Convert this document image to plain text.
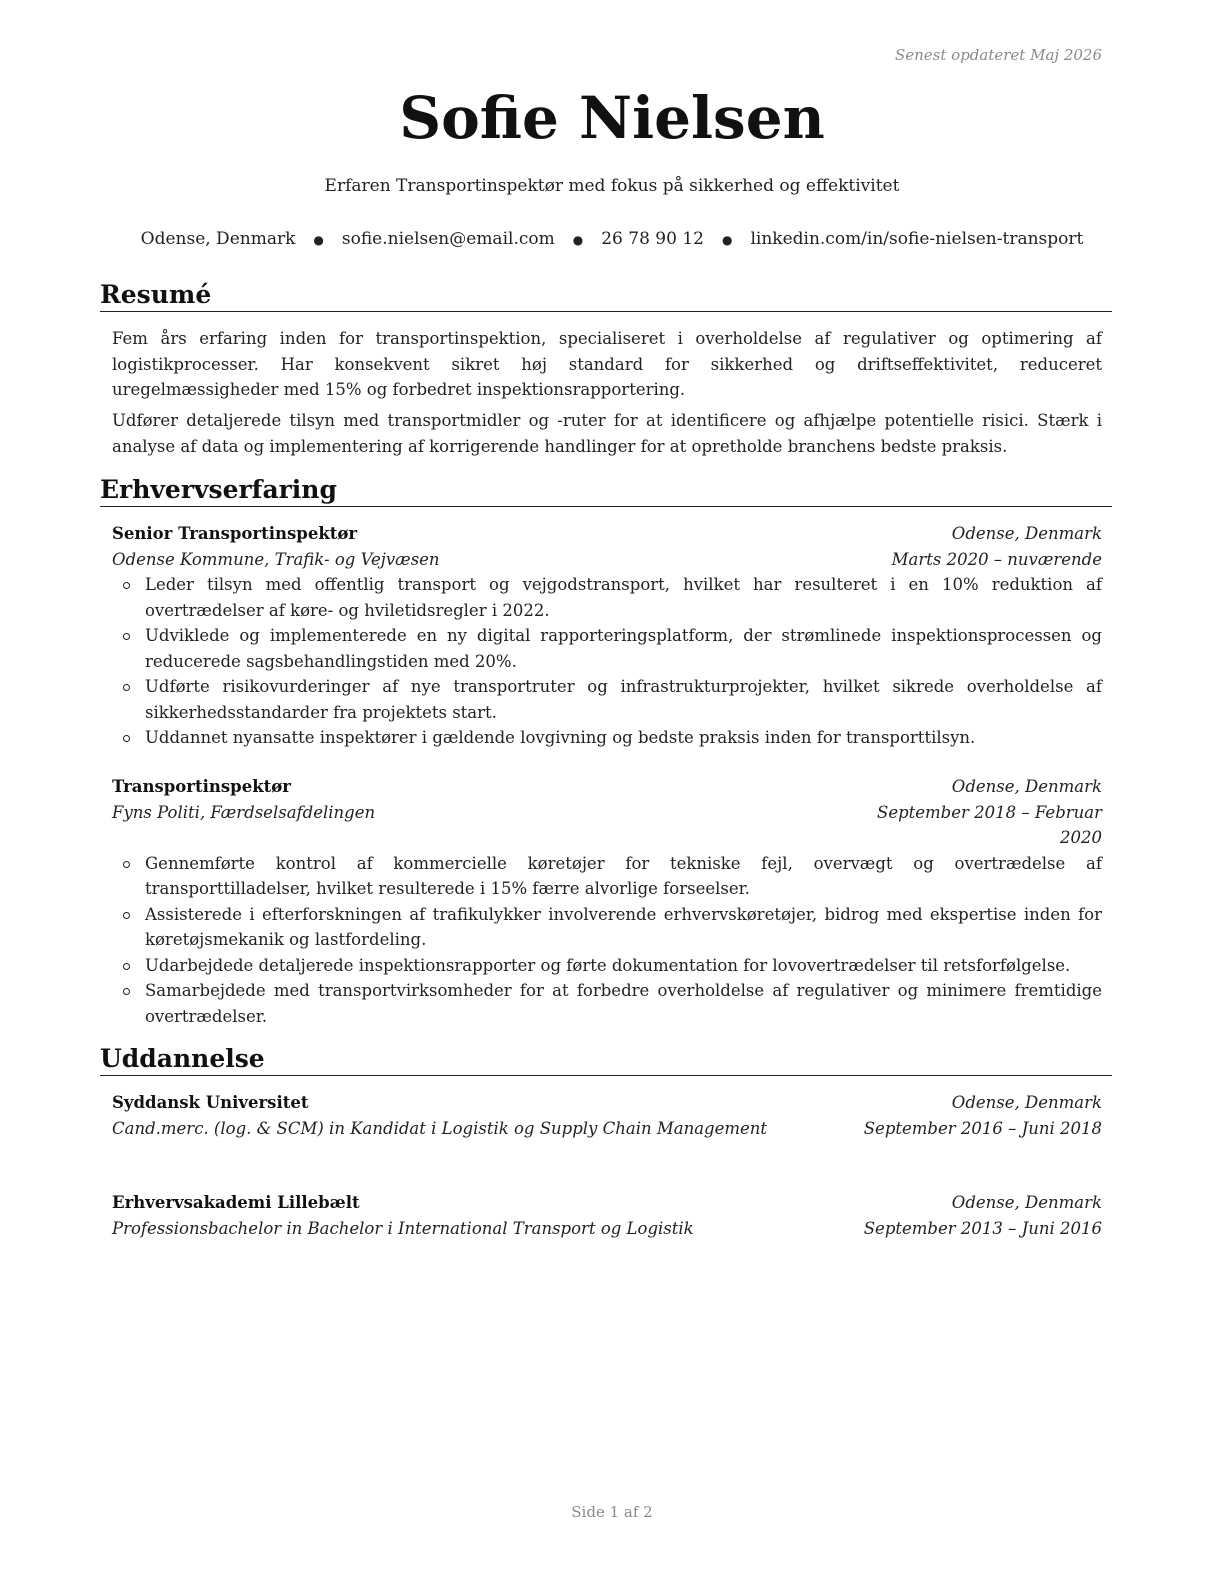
Senest opdateret Maj 2026
Sofie Nielsen
Erfaren Transportinspektør med fokus på sikkerhed og effektivitet
Odense, Denmark ● sofie.nielsen@email.com ● 26 78 90 12 ● linkedin.com/in/sofie-nielsen-transport
Resumé

Fem års erfaring inden for transportinspektion, specialiseret i overholdelse af regulativer og optimering af logistikprocesser. Har konsekvent sikret høj standard for sikkerhed og driftseffektivitet, reduceret uregelmæssigheder med 15% og forbedret inspektionsrapportering.

Udfører detaljerede tilsyn med transportmidler og -ruter for at identificere og afhjælpe potentielle risici. Stærk i analyse af data og implementering af korrigerende handlinger for at opretholde branchens bedste praksis.

Erhvervserfaring
Senior Transportinspektør	Odense, Denmark
Odense Kommune, Trafik- og Vejvæsen	Marts 2020 – nuværende
Leder tilsyn med offentlig transport og vejgodstransport, hvilket har resulteret i en 10% reduktion af overtrædelser af køre- og hviletidsregler i 2022.
Udviklede og implementerede en ny digital rapporteringsplatform, der strømlinede inspektionsprocessen og reducerede sagsbehandlingstiden med 20%.
Udførte risikovurderinger af nye transportruter og infrastrukturprojekter, hvilket sikrede overholdelse af sikkerhedsstandarder fra projektets start.
Uddannet nyansatte inspektører i gældende lovgivning og bedste praksis inden for transporttilsyn.
Transportinspektør	Odense, Denmark
Fyns Politi, Færdselsafdelingen	September 2018 – Februar 2020
Gennemførte kontrol af kommercielle køretøjer for tekniske fejl, overvægt og overtrædelse af transporttilladelser, hvilket resulterede i 15% færre alvorlige forseelser.
Assisterede i efterforskningen af trafikulykker involverende erhvervskøretøjer, bidrog med ekspertise inden for køretøjsmekanik og lastfordeling.
Udarbejdede detaljerede inspektionsrapporter og førte dokumentation for lovovertrædelser til retsforfølgelse.
Samarbejdede med transportvirksomheder for at forbedre overholdelse af regulativer og minimere fremtidige overtrædelser.
Uddannelse
Syddansk Universitet	Odense, Denmark
Cand.merc. (log. & SCM) in Kandidat i Logistik og Supply Chain Management	September 2016 – Juni 2018
Erhvervsakademi Lillebælt	Odense, Denmark
Professionsbachelor in Bachelor i International Transport og Logistik	September 2013 – Juni 2016
Side 1 af 2
